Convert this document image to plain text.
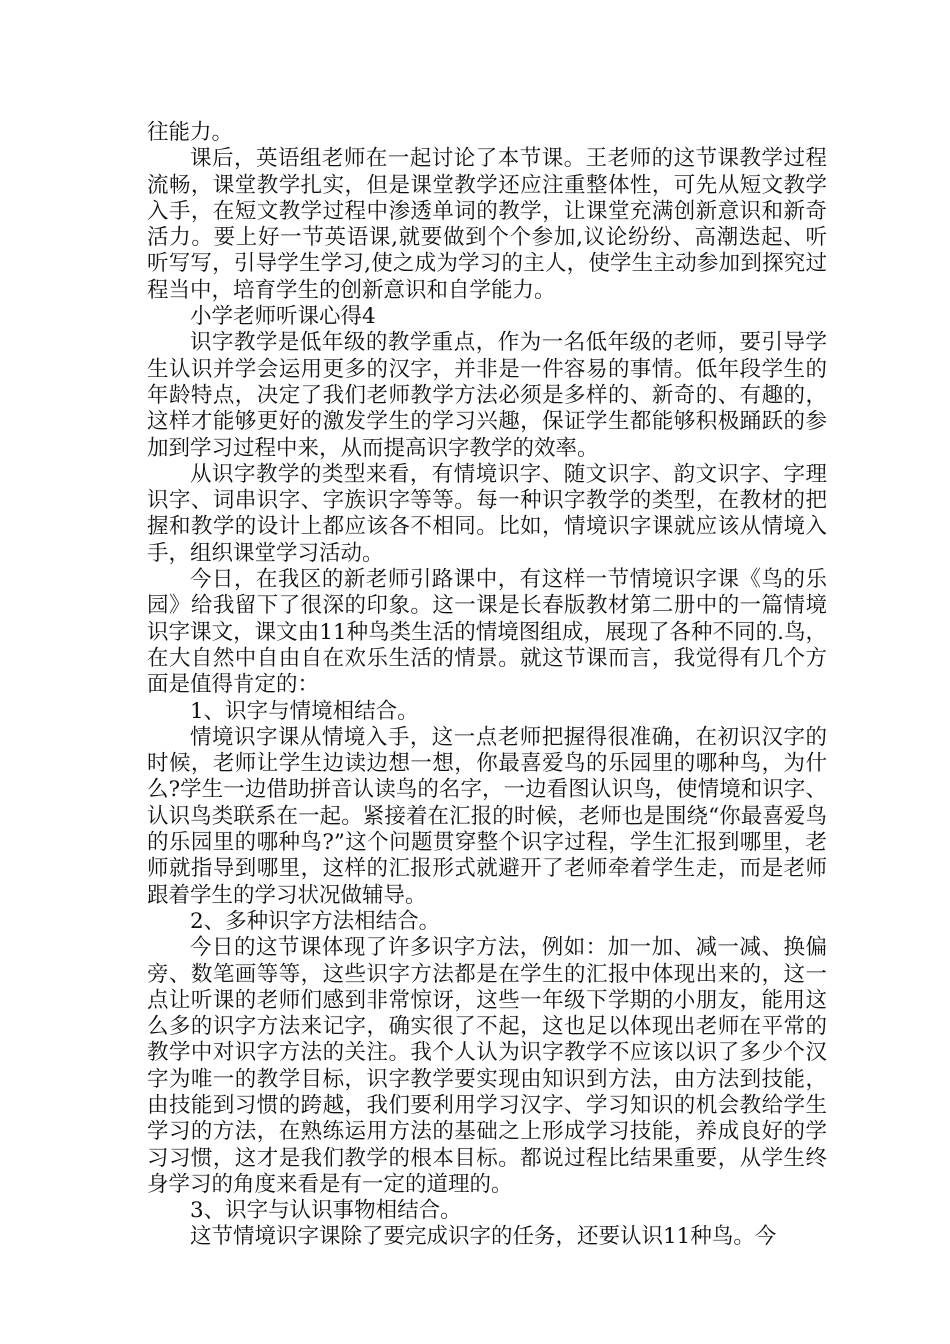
往能力。

课后，英语组老师在一起讨论了本节课。王老师的这节课教学过程流畅，课堂教学扎实，但是课堂教学还应注重整体性，可先从短文教学入手，在短文教学过程中渗透单词的教学，让课堂充满创新意识和新奇活力。要上好一节英语课,就要做到个个参加,议论纷纷、高潮迭起、听听写写，引导学生学习,使之成为学习的主人，使学生主动参加到探究过程当中，培育学生的创新意识和自学能力。

小学老师听课心得4

识字教学是低年级的教学重点，作为一名低年级的老师，要引导学生认识并学会运用更多的汉字，并非是一件容易的事情。低年段学生的年龄特点，决定了我们老师教学方法必须是多样的、新奇的、有趣的，这样才能够更好的激发学生的学习兴趣，保证学生都能够积极踊跃的参加到学习过程中来，从而提高识字教学的效率。

从识字教学的类型来看，有情境识字、随文识字、韵文识字、字理识字、词串识字、字族识字等等。每一种识字教学的类型，在教材的把握和教学的设计上都应该各不相同。比如，情境识字课就应该从情境入手，组织课堂学习活动。

今日，在我区的新老师引路课中，有这样一节情境识字课《鸟的乐园》给我留下了很深的印象。这一课是长春版教材第二册中的一篇情境识字课文，课文由11种鸟类生活的情境图组成，展现了各种不同的.鸟，在大自然中自由自在欢乐生活的情景。就这节课而言，我觉得有几个方面是值得肯定的：

1、识字与情境相结合。

情境识字课从情境入手，这一点老师把握得很准确，在初识汉字的时候，老师让学生边读边想一想，你最喜爱鸟的乐园里的哪种鸟，为什么?学生一边借助拼音认读鸟的名字，一边看图认识鸟，使情境和识字、认识鸟类联系在一起。紧接着在汇报的时候，老师也是围绕“你最喜爱鸟的乐园里的哪种鸟?”这个问题贯穿整个识字过程，学生汇报到哪里，老师就指导到哪里，这样的汇报形式就避开了老师牵着学生走，而是老师跟着学生的学习状况做辅导。

2、多种识字方法相结合。

今日的这节课体现了许多识字方法，例如：加一加、减一减、换偏旁、数笔画等等，这些识字方法都是在学生的汇报中体现出来的，这一点让听课的老师们感到非常惊讶，这些一年级下学期的小朋友，能用这么多的识字方法来记字，确实很了不起，这也足以体现出老师在平常的教学中对识字方法的关注。我个人认为识字教学不应该以识了多少个汉字为唯一的教学目标，识字教学要实现由知识到方法，由方法到技能，由技能到习惯的跨越，我们要利用学习汉字、学习知识的机会教给学生学习的方法，在熟练运用方法的基础之上形成学习技能，养成良好的学习习惯，这才是我们教学的根本目标。都说过程比结果重要，从学生终身学习的角度来看是有一定的道理的。

3、识字与认识事物相结合。

这节情境识字课除了要完成识字的任务，还要认识11种鸟。今
